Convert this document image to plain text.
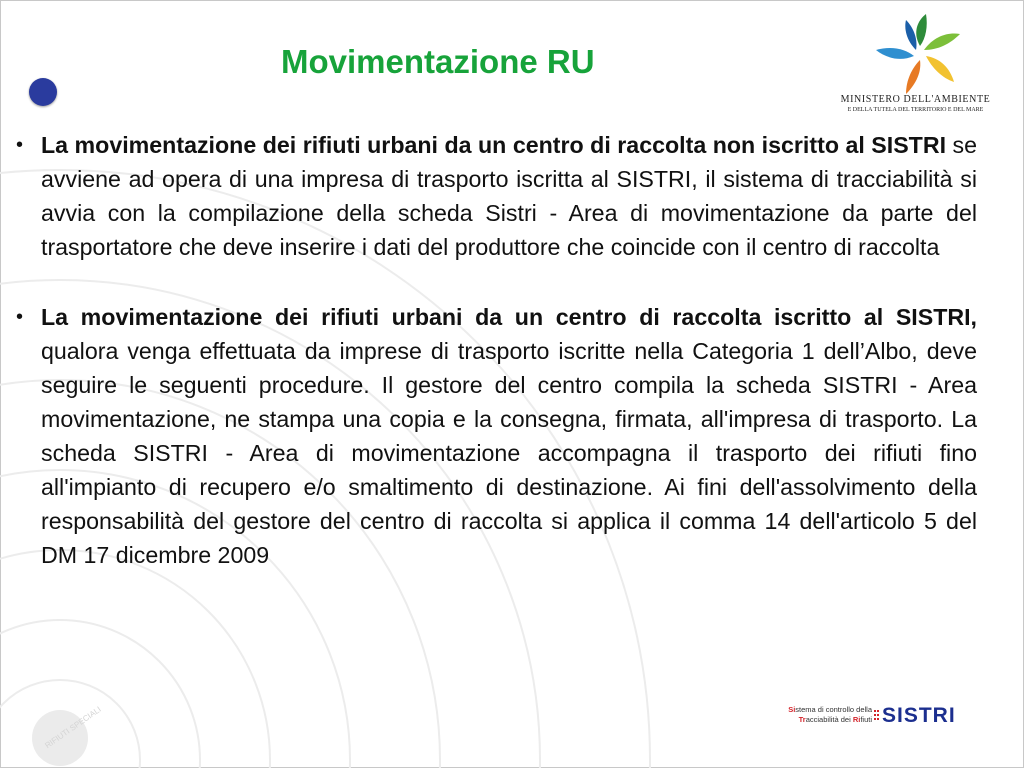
RIFIUTI SPECIALI
Movimentazione RU
MINISTERO DELL'AMBIENTE
E DELLA TUTELA DEL TERRITORIO E DEL MARE

• La movimentazione dei rifiuti urbani da un centro di raccolta non iscritto al SISTRI se avviene ad opera di una impresa di trasporto iscritta al SISTRI, il sistema di tracciabilità si avvia con la compilazione della scheda Sistri - Area di movimentazione da parte del trasportatore che deve inserire i dati del produttore che coincide con il centro di raccolta

• La movimentazione dei rifiuti urbani da un centro di raccolta iscritto al SISTRI, qualora venga effettuata da imprese di trasporto iscritte nella Categoria 1 dell’Albo, deve seguire le seguenti procedure. Il gestore del centro compila la scheda SISTRI - Area movimentazione, ne stampa una copia e la consegna, firmata, all'impresa di trasporto. La scheda SISTRI - Area di movimentazione accompagna il trasporto dei rifiuti fino all'impianto di recupero e/o smaltimento di destinazione. Ai fini dell'assolvimento della responsabilità del gestore del centro di raccolta si applica il comma 14 dell'articolo 5 del DM 17 dicembre 2009

Sistema di controllo della
Tracciabilità dei Rifiuti SISTRI
